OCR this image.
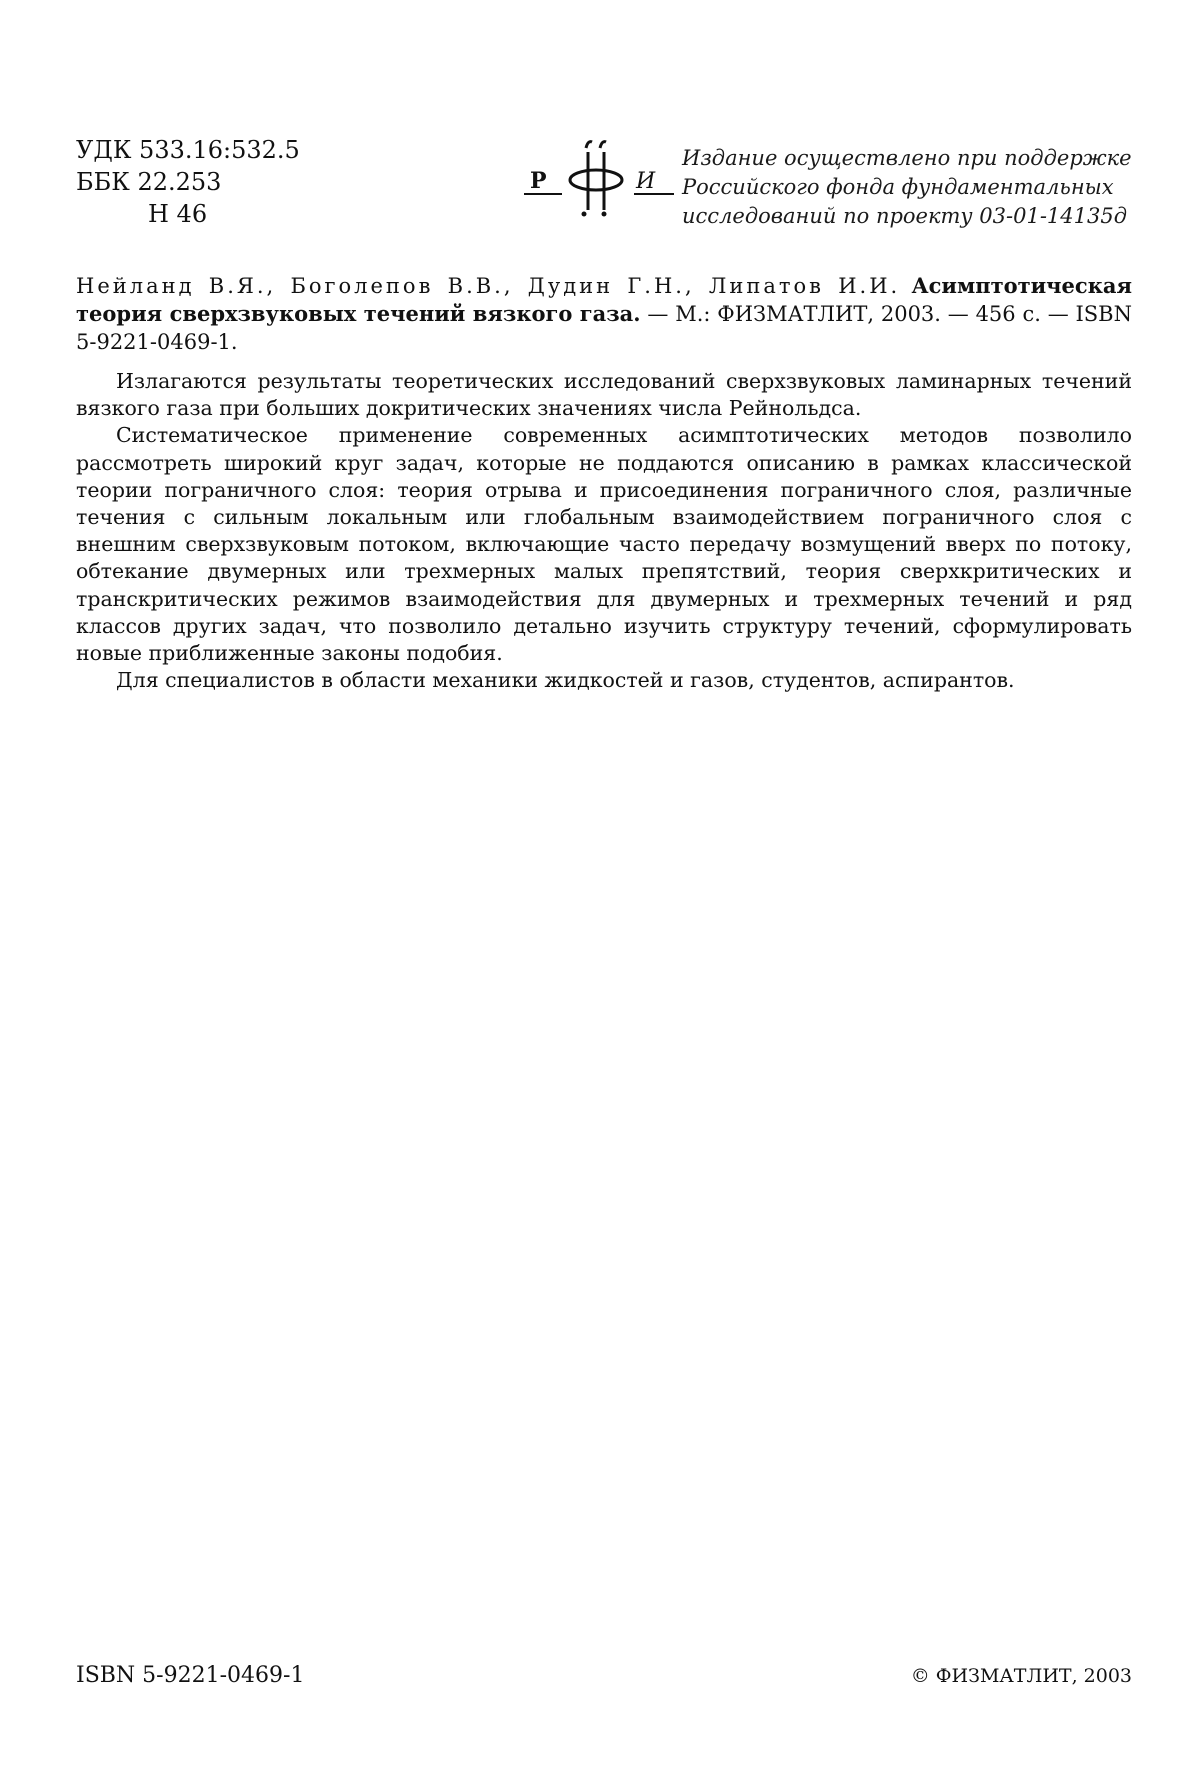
УДК 533.16:532.5
ББК 22.253
Н 46
Р	И
Издание осуществлено при поддержке
Российского фонда фундаментальных
исследований по проекту 03-01-14135д
Нейланд В.Я., Боголепов В.В., Дудин Г.Н., Липатов И.И. Асимптотическая теория сверхзвуковых течений вязкого газа. — М.: ФИЗМАТЛИТ, 2003. — 456 с. — ISBN 5-9221-0469-1.

Излагаются результаты теоретических исследований сверхзвуковых ламинарных течений вязкого газа при больших докритических значениях числа Рейнольдса.

Систематическое применение современных асимптотических методов позволило рассмотреть широкий круг задач, которые не поддаются описанию в рамках классической теории пограничного слоя: теория отрыва и присоединения пограничного слоя, различные течения с сильным локальным или глобальным взаимодействием пограничного слоя с внешним сверхзвуковым потоком, включающие часто передачу возмущений вверх по потоку, обтекание двумерных или трехмерных малых препятствий, теория сверхкритических и транскритических режимов взаимодействия для двумерных и трехмерных течений и ряд классов других задач, что позволило детально изучить структуру течений, сформулировать новые приближенные законы подобия.

Для специалистов в области механики жидкостей и газов, студентов, аспирантов.

ISBN 5-9221-0469-1	© ФИЗМАТЛИТ, 2003
